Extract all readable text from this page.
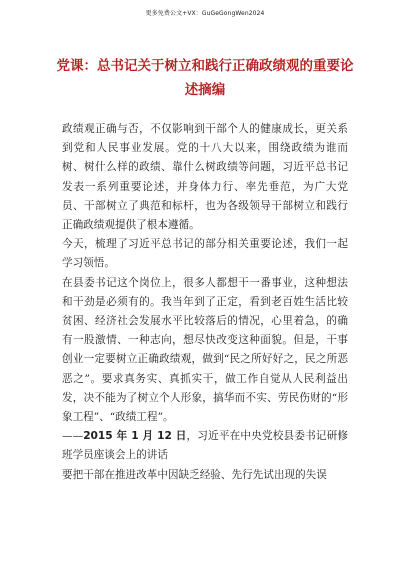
更多免费公文+VX：GuGeGongWen2024
党课：总书记关于树立和践行正确政绩观的重要论述摘编

政绩观正确与否，不仅影响到干部个人的健康成长，更关系到党和人民事业发展。党的十八大以来，围绕政绩为谁而树、树什么样的政绩、靠什么树政绩等问题，习近平总书记发表一系列重要论述，并身体力行、率先垂范，为广大党员、干部树立了典范和标杆，也为各级领导干部树立和践行正确政绩观提供了根本遵循。

今天，梳理了习近平总书记的部分相关重要论述，我们一起学习领悟。

在县委书记这个岗位上，很多人都想干一番事业，这种想法和干劲是必须有的。我当年到了正定，看到老百姓生活比较贫困、经济社会发展水平比较落后的情况，心里着急，的确有一股激情、一种志向，想尽快改变这种面貌。但是，干事创业一定要树立正确政绩观，做到“民之所好好之，民之所恶恶之”。要求真务实、真抓实干，做工作自觉从人民利益出发，决不能为了树立个人形象，搞华而不实、劳民伤财的“形象工程”、“政绩工程”。

——2015 年 1 月 12 日，习近平在中央党校县委书记研修班学员座谈会上的讲话

要把干部在推进改革中因缺乏经验、先行先试出现的失误
